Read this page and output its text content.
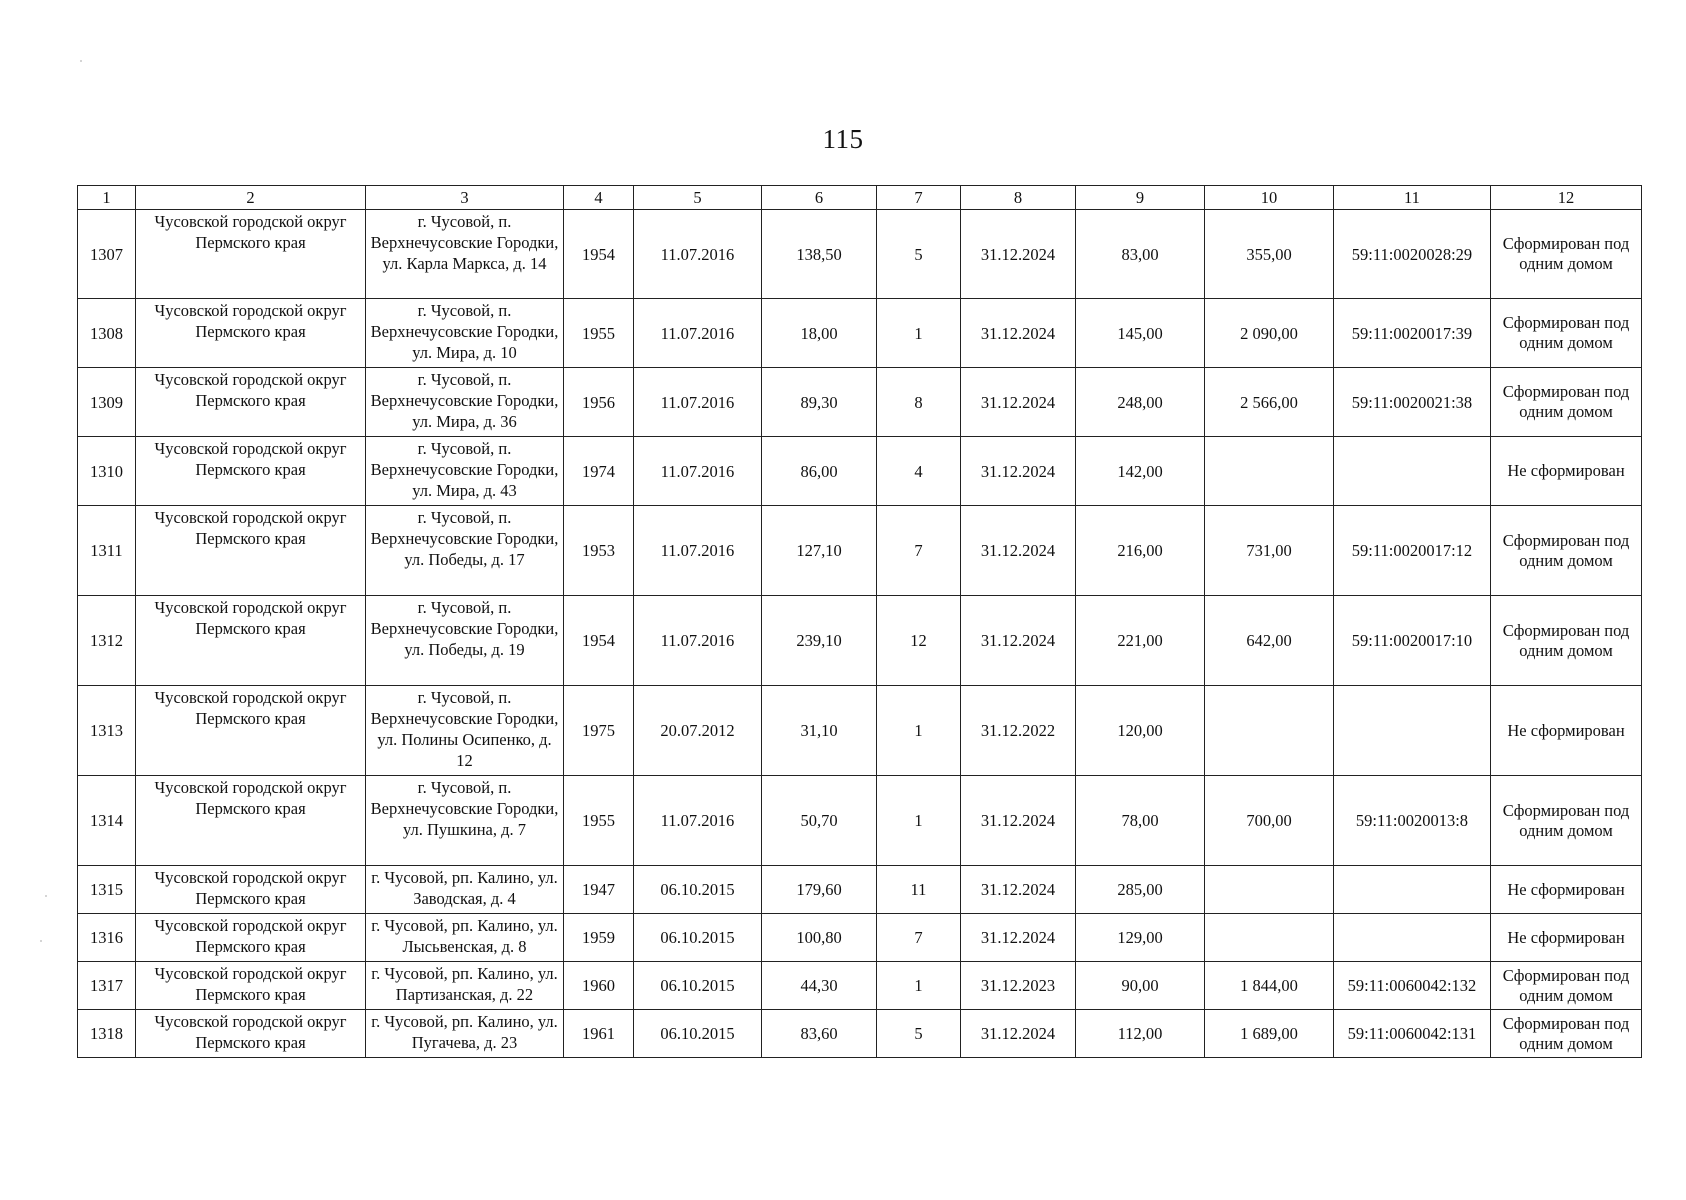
115
1	2	3	4	5	6	7	8	9	10	11	12
1307	Чусовской городской округ Пермского края	г. Чусовой, п. Верхнечусовские Городки, ул. Карла Маркса, д. 14	1954	11.07.2016	138,50	5	31.12.2024	83,00	355,00	59:11:0020028:29	Сформирован под одним домом
1308	Чусовской городской округ Пермского края	г. Чусовой, п. Верхнечусовские Городки, ул. Мира, д. 10	1955	11.07.2016	18,00	1	31.12.2024	145,00	2 090,00	59:11:0020017:39	Сформирован под одним домом
1309	Чусовской городской округ Пермского края	г. Чусовой, п. Верхнечусовские Городки, ул. Мира, д. 36	1956	11.07.2016	89,30	8	31.12.2024	248,00	2 566,00	59:11:0020021:38	Сформирован под одним домом
1310	Чусовской городской округ Пермского края	г. Чусовой, п. Верхнечусовские Городки, ул. Мира, д. 43	1974	11.07.2016	86,00	4	31.12.2024	142,00			Не сформирован
1311	Чусовской городской округ Пермского края	г. Чусовой, п. Верхнечусовские Городки, ул. Победы, д. 17	1953	11.07.2016	127,10	7	31.12.2024	216,00	731,00	59:11:0020017:12	Сформирован под одним домом
1312	Чусовской городской округ Пермского края	г. Чусовой, п. Верхнечусовские Городки, ул. Победы, д. 19	1954	11.07.2016	239,10	12	31.12.2024	221,00	642,00	59:11:0020017:10	Сформирован под одним домом
1313	Чусовской городской округ Пермского края	г. Чусовой, п. Верхнечусовские Городки, ул. Полины Осипенко, д. 12	1975	20.07.2012	31,10	1	31.12.2022	120,00			Не сформирован
1314	Чусовской городской округ Пермского края	г. Чусовой, п. Верхнечусовские Городки, ул. Пушкина, д. 7	1955	11.07.2016	50,70	1	31.12.2024	78,00	700,00	59:11:0020013:8	Сформирован под одним домом
1315	Чусовской городской округ Пермского края	г. Чусовой, рп. Калино, ул. Заводская, д. 4	1947	06.10.2015	179,60	11	31.12.2024	285,00			Не сформирован
1316	Чусовской городской округ Пермского края	г. Чусовой, рп. Калино, ул. Лысьвенская, д. 8	1959	06.10.2015	100,80	7	31.12.2024	129,00			Не сформирован
1317	Чусовской городской округ Пермского края	г. Чусовой, рп. Калино, ул. Партизанская, д. 22	1960	06.10.2015	44,30	1	31.12.2023	90,00	1 844,00	59:11:0060042:132	Сформирован под одним домом
1318	Чусовской городской округ Пермского края	г. Чусовой, рп. Калино, ул. Пугачева, д. 23	1961	06.10.2015	83,60	5	31.12.2024	112,00	1 689,00	59:11:0060042:131	Сформирован под одним домом
